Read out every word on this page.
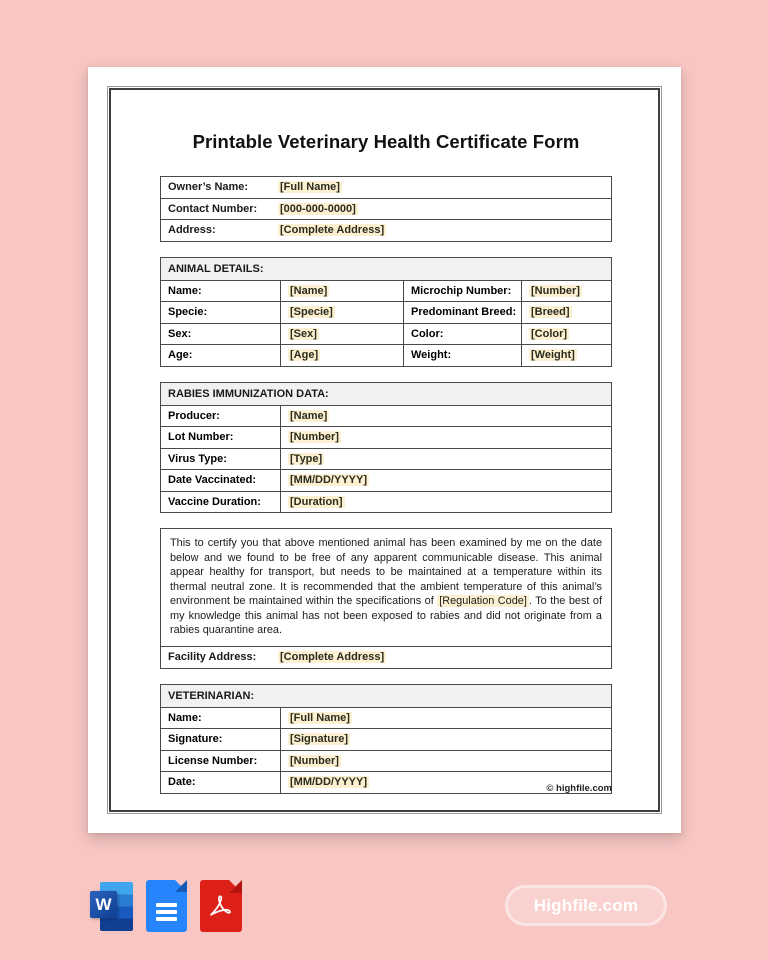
Printable Veterinary Health Certificate Form
Owner’s Name:	[Full Name]
Contact Number:	[000-000-0000]
Address:	[Complete Address]
ANIMAL DETAILS:
Name:	[Name]	Microchip Number:	[Number]
Specie:	[Specie]	Predominant Breed:	[Breed]
Sex:	[Sex]	Color:	[Color]
Age:	[Age]	Weight:	[Weight]
RABIES IMMUNIZATION DATA:
Producer:	[Name]
Lot Number:	[Number]
Virus Type:	[Type]
Date Vaccinated:	[MM/DD/YYYY]
Vaccine Duration:	[Duration]

This to certify you that above mentioned animal has been examined by me on the date below and we found to be free of any apparent communicable disease. This animal appear healthy for transport, but needs to be maintained at a temperature within its thermal neutral zone. It is recommended that the ambient temperature of this animal’s environment be maintained within the specifications of [Regulation Code] . To the best of my knowledge this animal has not been exposed to rabies and did not originate from a rabies quarantine area.

Facility Address:	[Complete Address]
VETERINARIAN:
Name:	[Full Name]
Signature:	[Signature]
License Number:	[Number]
Date:	[MM/DD/YYYY]
© highfile.com
W	Highfile.com
